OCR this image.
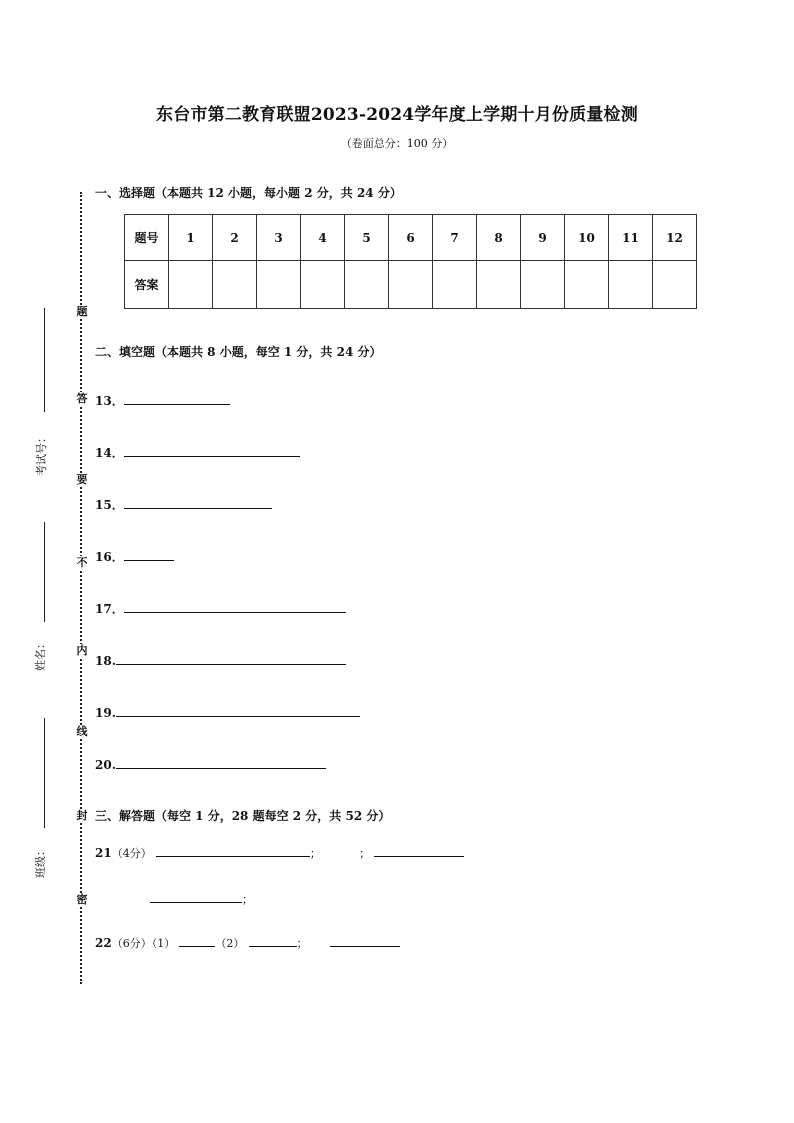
东台市第二教育联盟2023-2024学年度上学期十月份质量检测
（卷面总分：100 分）
考试号：
姓名：
班级：
题
答
要
不
内
线
封
密
一、选择题（本题共 12 小题，每小题 2 分，共 24 分）
题号	1	2	3	4	5	6	7	8	9	10	11	12
答案												
二、填空题（本题共 8 小题，每空 1 分，共 24 分）
13．
14．
15．
16．
17．
18.
19.
20.
三、解答题（每空 1 分，28 题每空 2 分，共 52 分）
21（4分）	；	；
；
22（6分）（1）	（2）	；
